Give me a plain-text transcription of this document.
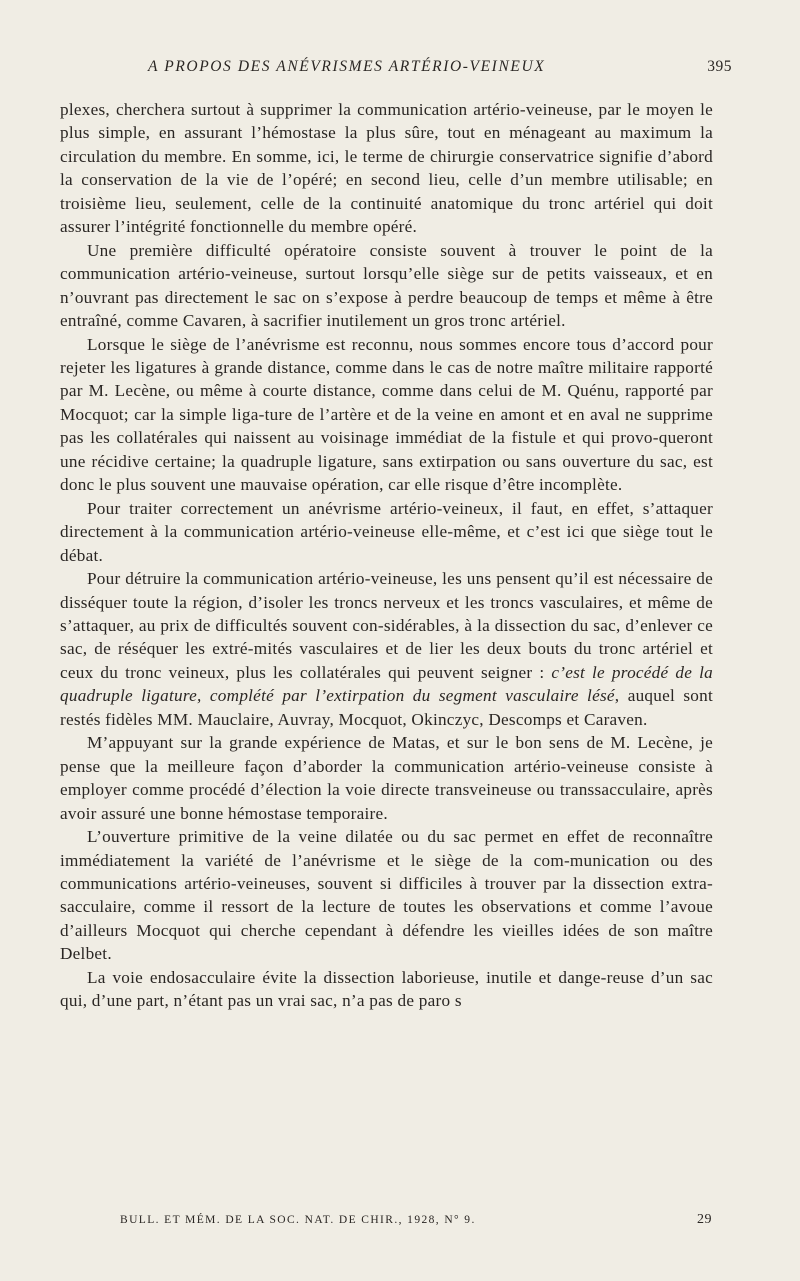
A PROPOS DES ANÉVRISMES ARTÉRIO-VEINEUX	395

plexes, cherchera surtout à supprimer la communication artério-veineuse, par le moyen le plus simple, en assurant l’hémostase la plus sûre, tout en ménageant au maximum la circulation du membre. En somme, ici, le terme de chirurgie conservatrice signifie d’abord la conservation de la vie de l’opéré; en second lieu, celle d’un membre utilisable; en troisième lieu, seulement, celle de la continuité anatomique du tronc artériel qui doit assurer l’intégrité fonctionnelle du membre opéré.

Une première difficulté opératoire consiste souvent à trouver le point de la communication artério-veineuse, surtout lorsqu’elle siège sur de petits vaisseaux, et en n’ouvrant pas directement le sac on s’expose à perdre beaucoup de temps et même à être entraîné, comme Cavaren, à sacrifier inutilement un gros tronc artériel.

Lorsque le siège de l’anévrisme est reconnu, nous sommes encore tous d’accord pour rejeter les ligatures à grande distance, comme dans le cas de notre maître militaire rapporté par M. Lecène, ou même à courte distance, comme dans celui de M. Quénu, rapporté par Mocquot; car la simple liga-ture de l’artère et de la veine en amont et en aval ne supprime pas les collatérales qui naissent au voisinage immédiat de la fistule et qui provo-queront une récidive certaine; la quadruple ligature, sans extirpation ou sans ouverture du sac, est donc le plus souvent une mauvaise opération, car elle risque d’être incomplète.

Pour traiter correctement un anévrisme artério-veineux, il faut, en effet, s’attaquer directement à la communication artério-veineuse elle-même, et c’est ici que siège tout le débat.

Pour détruire la communication artério-veineuse, les uns pensent qu’il est nécessaire de disséquer toute la région, d’isoler les troncs nerveux et les troncs vasculaires, et même de s’attaquer, au prix de difficultés souvent con-sidérables, à la dissection du sac, d’enlever ce sac, de réséquer les extré-mités vasculaires et de lier les deux bouts du tronc artériel et ceux du tronc veineux, plus les collatérales qui peuvent seigner : c’est le procédé de la quadruple ligature, complété par l’extirpation du segment vasculaire lésé, auquel sont restés fidèles MM. Mauclaire, Auvray, Mocquot, Okinczyc, Descomps et Caraven.

M’appuyant sur la grande expérience de Matas, et sur le bon sens de M. Lecène, je pense que la meilleure façon d’aborder la communication artério-veineuse consiste à employer comme procédé d’élection la voie directe transveineuse ou transsacculaire, après avoir assuré une bonne hémostase temporaire.

L’ouverture primitive de la veine dilatée ou du sac permet en effet de reconnaître immédiatement la variété de l’anévrisme et le siège de la com-munication ou des communications artério-veineuses, souvent si difficiles à trouver par la dissection extra-sacculaire, comme il ressort de la lecture de toutes les observations et comme l’avoue d’ailleurs Mocquot qui cherche cependant à défendre les vieilles idées de son maître Delbet.

La voie endosacculaire évite la dissection laborieuse, inutile et dange-reuse d’un sac qui, d’une part, n’étant pas un vrai sac, n’a pas de paro s

BULL. ET MÉM. DE LA SOC. NAT. DE CHIR., 1928, N° 9.	29
